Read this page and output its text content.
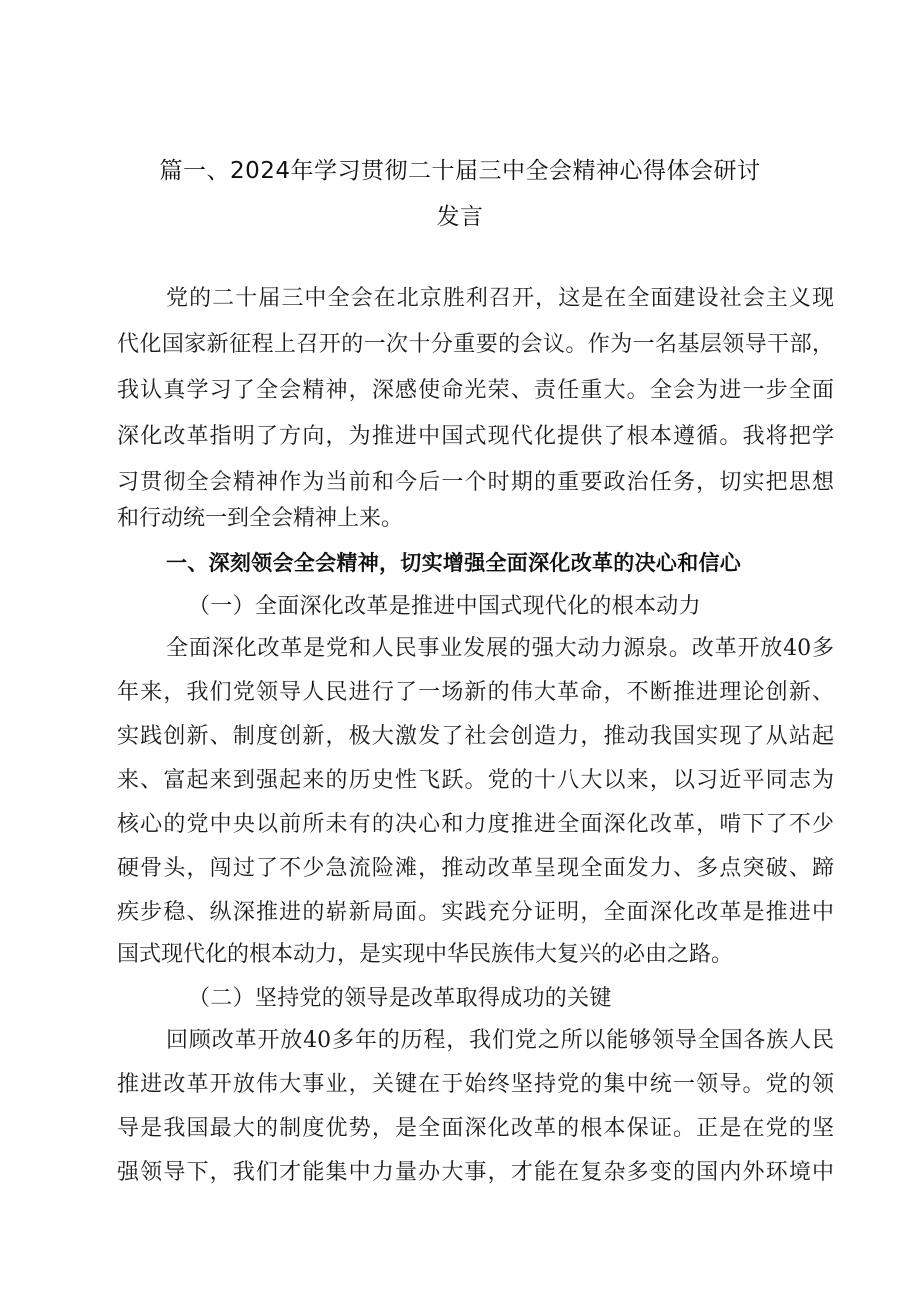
篇一、2024年学习贯彻二十届三中全会精神心得体会研讨
发言
党的二十届三中全会在北京胜利召开，这是在全面建设社会主义现
代化国家新征程上召开的一次十分重要的会议。作为一名基层领导干部，
我认真学习了全会精神，深感使命光荣、责任重大。全会为进一步全面
深化改革指明了方向，为推进中国式现代化提供了根本遵循。我将把学
习贯彻全会精神作为当前和今后一个时期的重要政治任务，切实把思想
和行动统一到全会精神上来。
一、深刻领会全会精神，切实增强全面深化改革的决心和信心
（一）全面深化改革是推进中国式现代化的根本动力
全面深化改革是党和人民事业发展的强大动力源泉。改革开放40多
年来，我们党领导人民进行了一场新的伟大革命，不断推进理论创新、
实践创新、制度创新，极大激发了社会创造力，推动我国实现了从站起
来、富起来到强起来的历史性飞跃。党的十八大以来，以习近平同志为
核心的党中央以前所未有的决心和力度推进全面深化改革，啃下了不少
硬骨头，闯过了不少急流险滩，推动改革呈现全面发力、多点突破、蹄
疾步稳、纵深推进的崭新局面。实践充分证明，全面深化改革是推进中
国式现代化的根本动力，是实现中华民族伟大复兴的必由之路。
（二）坚持党的领导是改革取得成功的关键
回顾改革开放40多年的历程，我们党之所以能够领导全国各族人民
推进改革开放伟大事业，关键在于始终坚持党的集中统一领导。党的领
导是我国最大的制度优势，是全面深化改革的根本保证。正是在党的坚
强领导下，我们才能集中力量办大事，才能在复杂多变的国内外环境中
